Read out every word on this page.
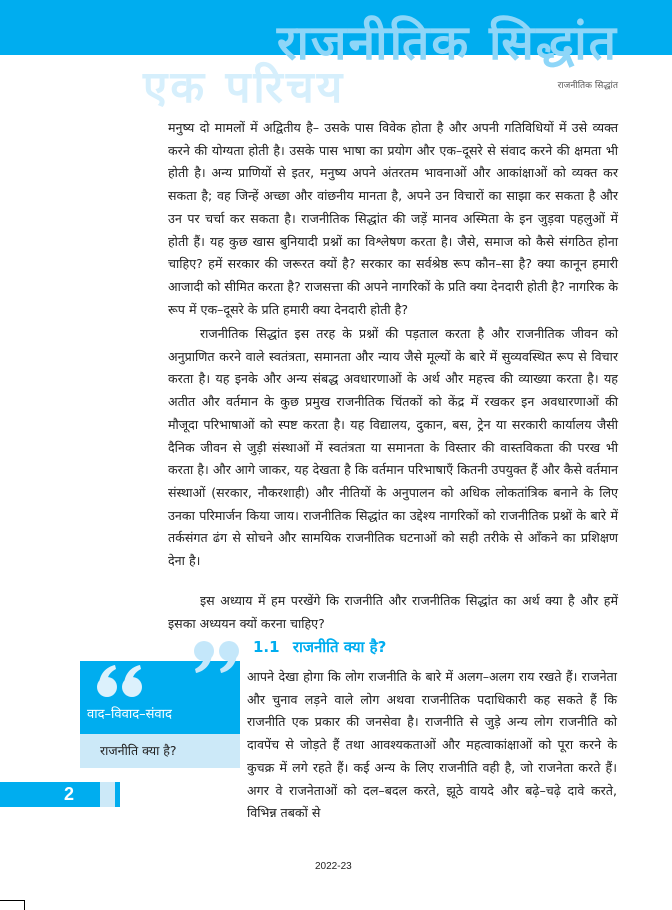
राजनीतिक सिद्धांत
एक परिचय	राजनीतिक सिद्धांत

मनुष्य दो मामलों में अद्वितीय है– उसके पास विवेक होता है और अपनी गतिविधियों में उसे व्यक्त करने की योग्यता होती है। उसके पास भाषा का प्रयोग और एक–दूसरे से संवाद करने की क्षमता भी होती है। अन्य प्राणियों से इतर, मनुष्य अपने अंतरतम भावनाओं और आकांक्षाओं को व्यक्त कर सकता है; वह जिन्हें अच्छा और वांछनीय मानता है, अपने उन विचारों का साझा कर सकता है और उन पर चर्चा कर सकता है। राजनीतिक सिद्धांत की जड़ें मानव अस्मिता के इन जुड़वा पहलुओं में होती हैं। यह कुछ खास बुनियादी प्रश्नों का विश्लेषण करता है। जैसे, समाज को कैसे संगठित होना चाहिए? हमें सरकार की जरूरत क्यों है? सरकार का सर्वश्रेष्ठ रूप कौन–सा है? क्या कानून हमारी आजादी को सीमित करता है? राजसत्ता की अपने नागरिकों के प्रति क्या देनदारी होती है? नागरिक के रूप में एक–दूसरे के प्रति हमारी क्या देनदारी होती है?

राजनीतिक सिद्धांत इस तरह के प्रश्नों की पड़ताल करता है और राजनीतिक जीवन को अनुप्राणित करने वाले स्वतंत्रता, समानता और न्याय जैसे मूल्यों के बारे में सुव्यवस्थित रूप से विचार करता है। यह इनके और अन्य संबद्ध अवधारणाओं के अर्थ और महत्त्व की व्याख्या करता है। यह अतीत और वर्तमान के कुछ प्रमुख राजनीतिक चिंतकों को केंद्र में रखकर इन अवधारणाओं की मौजूदा परिभाषाओं को स्पष्ट करता है। यह विद्यालय, दुकान, बस, ट्रेन या सरकारी कार्यालय जैसी दैनिक जीवन से जुड़ी संस्थाओं में स्वतंत्रता या समानता के विस्तार की वास्तविकता की परख भी करता है। और आगे जाकर, यह देखता है कि वर्तमान परिभाषाएँ कितनी उपयुक्त हैं और कैसे वर्तमान संस्थाओं (सरकार, नौकरशाही) और नीतियों के अनुपालन को अधिक लोकतांत्रिक बनाने के लिए उनका परिमार्जन किया जाय। राजनीतिक सिद्धांत का उद्देश्य नागरिकों को राजनीतिक प्रश्नों के बारे में तर्कसंगत ढंग से सोचने और सामयिक राजनीतिक घटनाओं को सही तरीके से आँकने का प्रशिक्षण देना है।

इस अध्याय में हम परखेंगे कि राजनीति और राजनीतिक सिद्धांत का अर्थ क्या है और हमें इसका अध्ययन क्यों करना चाहिए?

1.1 राजनीति क्या है?

आपने देखा होगा कि लोग राजनीति के बारे में अलग–अलग राय रखते हैं। राजनेता और चुनाव लड़ने वाले लोग अथवा राजनीतिक पदाधिकारी कह सकते हैं कि राजनीति एक प्रकार की जनसेवा है। राजनीति से जुड़े अन्य लोग राजनीति को दावपेंच से जोड़ते हैं तथा आवश्यकताओं और महत्वाकांक्षाओं को पूरा करने के कुचक्र में लगे रहते हैं। कई अन्य के लिए राजनीति वही है, जो राजनेता करते हैं। अगर वे राजनेताओं को दल–बदल करते, झूठे वायदे और बढ़े–चढ़े दावे करते, विभिन्न तबकों से

वाद–विवाद–संवाद
राजनीति क्या है?
2
2022-23
